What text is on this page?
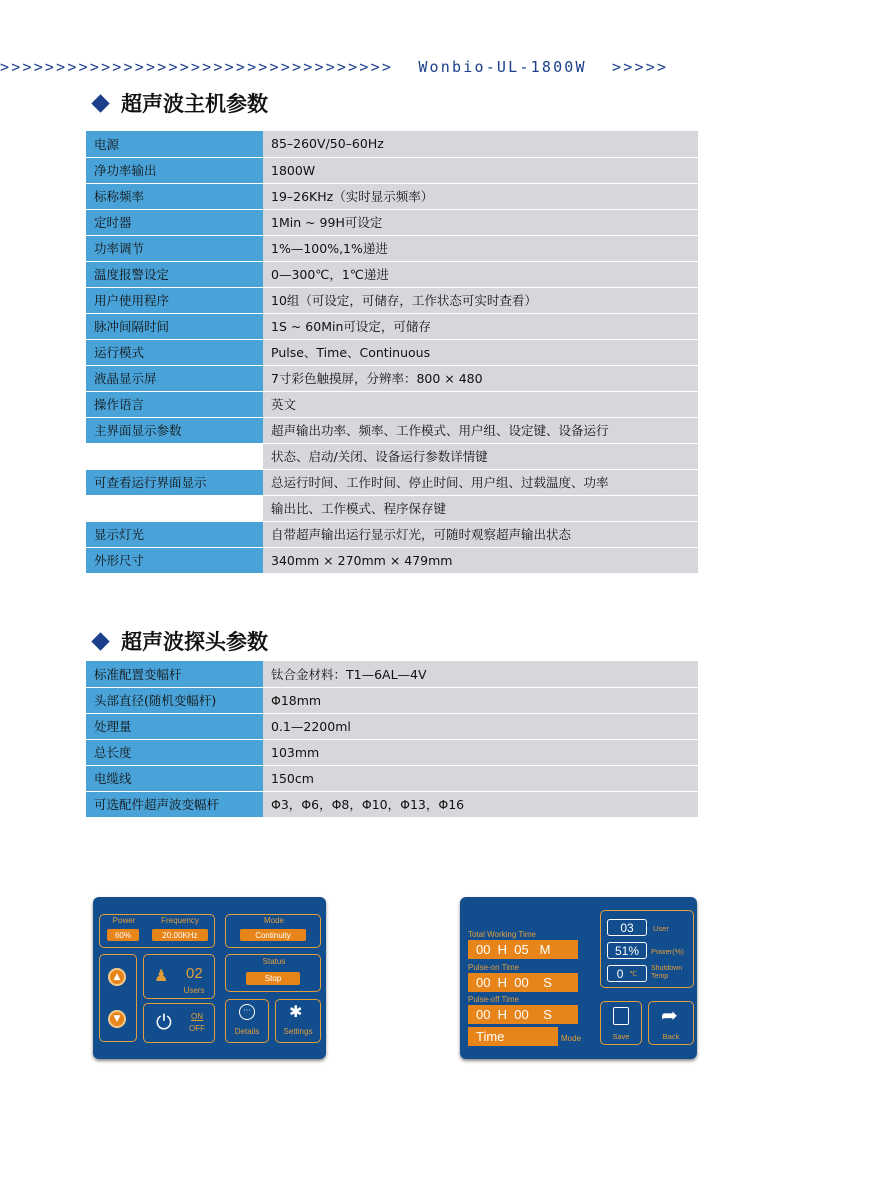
>>>>>>>>>>>>>>>>>>>>>>>>>>>>>>>>>>> Wonbio-UL-1800W >>>>>
超声波主机参数
电源	85–260V/50–60Hz
净功率输出	1800W
标称频率	19–26KHz（实时显示频率）
定时器	1Min ~ 99H可设定
功率调节	1%—100%,1%递进
温度报警设定	0—300℃，1℃递进
用户使用程序	10组（可设定，可储存，工作状态可实时查看）
脉冲间隔时间	1S ~ 60Min可设定，可储存
运行模式	Pulse、Time、Continuous
液晶显示屏	7寸彩色触摸屏，分辨率：800 × 480
操作语言	英文
主界面显示参数	超声输出功率、频率、工作模式、用户组、设定键、设备运行
	状态、启动/关闭、设备运行参数详情键
可查看运行界面显示	总运行时间、工作时间、停止时间、用户组、过载温度、功率
	输出比、工作模式、程序保存键
显示灯光	自带超声输出运行显示灯光，可随时观察超声输出状态
外形尺寸	340mm × 270mm × 479mm
超声波探头参数
标准配置变幅杆	钛合金材料：T1—6AL—4V
头部直径(随机变幅杆)	Φ18mm
处理量	0.1—2200ml
总长度	103mm
电缆线	150cm
可选配件超声波变幅杆	Φ3，Φ6，Φ8，Φ10，Φ13，Φ16
Power	Frequency
60%	20.00KHz
Mode
Continuity
▲
▼
♟ 02
Users
Status
Stop
⏻	ON
OFF
···
Details
✱
Settings
Total Working Time
00  H  05   M
Pulse-on Time
00  H  00    S
Pulse-off Time
00  H  00    S
Time	Mode
03	User
51%	Power(%)
0 ℃
Shutdown Temp
Save
➦
Back
